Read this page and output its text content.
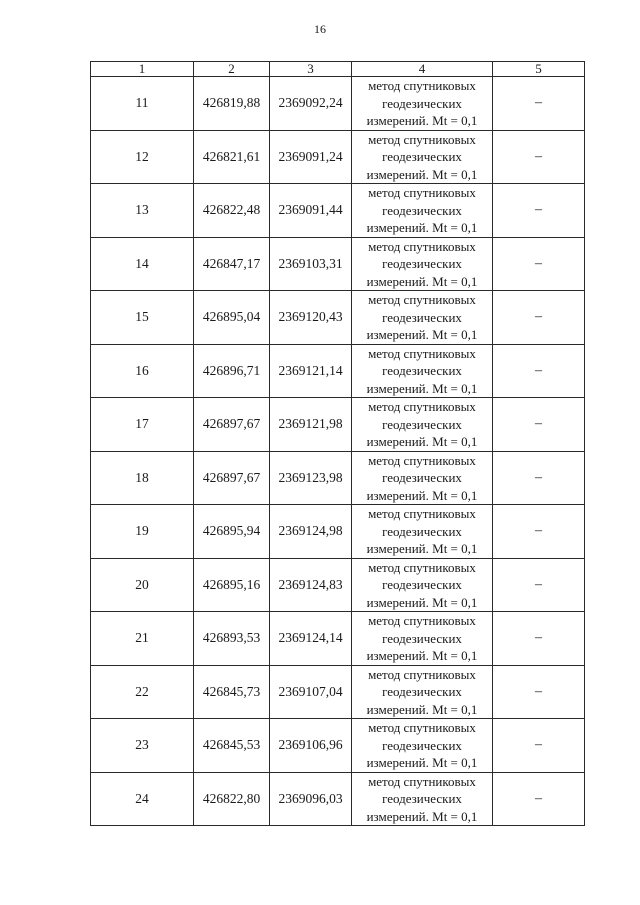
16
1	2	3	4	5
11	426819,88	2369092,24	метод спутниковых
геодезических
измерений. Mt = 0,1	–
12	426821,61	2369091,24	метод спутниковых
геодезических
измерений. Mt = 0,1	–
13	426822,48	2369091,44	метод спутниковых
геодезических
измерений. Mt = 0,1	–
14	426847,17	2369103,31	метод спутниковых
геодезических
измерений. Mt = 0,1	–
15	426895,04	2369120,43	метод спутниковых
геодезических
измерений. Mt = 0,1	–
16	426896,71	2369121,14	метод спутниковых
геодезических
измерений. Mt = 0,1	–
17	426897,67	2369121,98	метод спутниковых
геодезических
измерений. Mt = 0,1	–
18	426897,67	2369123,98	метод спутниковых
геодезических
измерений. Mt = 0,1	–
19	426895,94	2369124,98	метод спутниковых
геодезических
измерений. Mt = 0,1	–
20	426895,16	2369124,83	метод спутниковых
геодезических
измерений. Mt = 0,1	–
21	426893,53	2369124,14	метод спутниковых
геодезических
измерений. Mt = 0,1	–
22	426845,73	2369107,04	метод спутниковых
геодезических
измерений. Mt = 0,1	–
23	426845,53	2369106,96	метод спутниковых
геодезических
измерений. Mt = 0,1	–
24	426822,80	2369096,03	метод спутниковых
геодезических
измерений. Mt = 0,1	–
